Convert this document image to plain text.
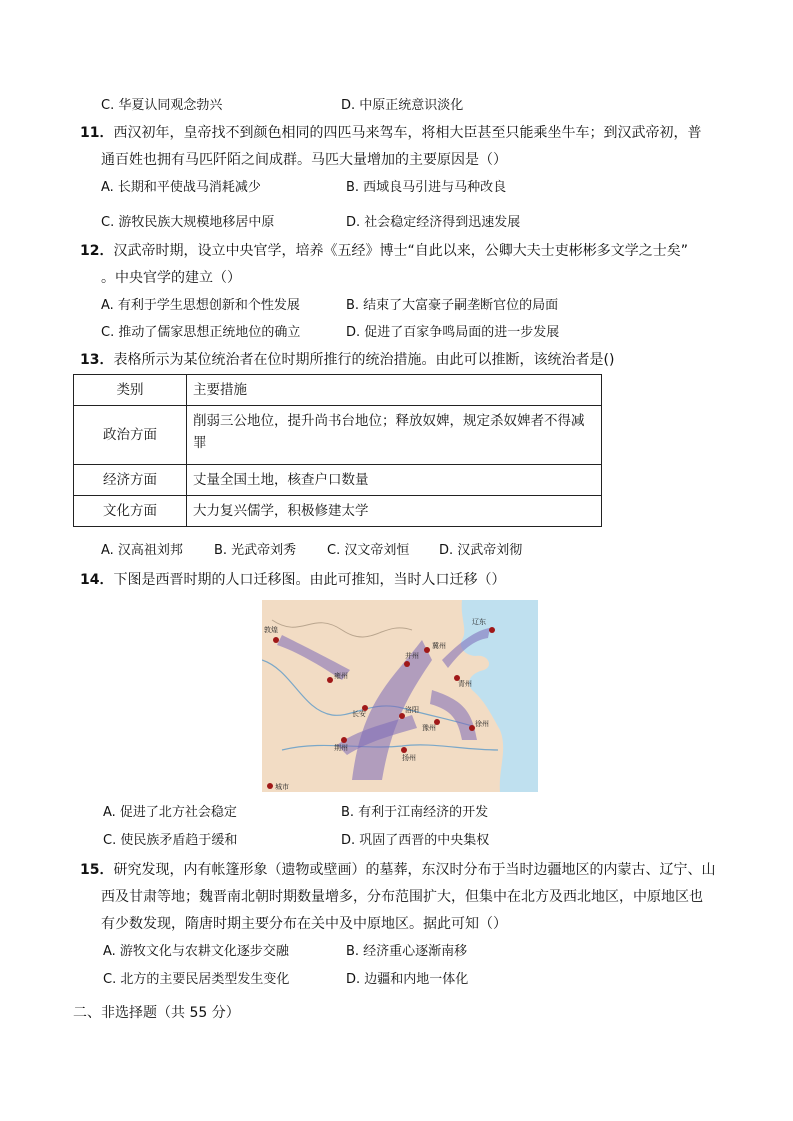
C. 华夏认同观念勃兴	D. 中原正统意识淡化
11．西汉初年，皇帝找不到颜色相同的四匹马来驾车，将相大臣甚至只能乘坐牛车；到汉武帝初，普
通百姓也拥有马匹阡陌之间成群。马匹大量增加的主要原因是（）
A. 长期和平使战马消耗减少	B. 西域良马引进与马种改良
C. 游牧民族大规模地移居中原	D. 社会稳定经济得到迅速发展
12．汉武帝时期，设立中央官学，培养《五经》博士“自此以来，公卿大夫士吏彬彬多文学之士矣”
。中央官学的建立（）
A. 有利于学生思想创新和个性发展	B. 结束了大富豪子嗣垄断官位的局面
C. 推动了儒家思想正统地位的确立	D. 促进了百家争鸣局面的进一步发展
13．表格所示为某位统治者在位时期所推行的统治措施。由此可以推断，该统治者是()
类别	主要措施
政治方面	削弱三公地位，提升尚书台地位；释放奴婢，规定杀奴婢者不得减罪
经济方面	丈量全国土地，核查户口数量
文化方面	大力复兴儒学，积极修建太学
A. 汉高祖刘邦 B. 光武帝刘秀 C. 汉文帝刘恒 D. 汉武帝刘彻
14．下图是西晋时期的人口迁移图。由此可推知，当时人口迁移（）
辽东
冀州
并州
雍州
长安	洛阳
青州
豫州
荆州
扬州
徐州
城市
敦煌
A. 促进了北方社会稳定	B. 有利于江南经济的开发
C. 使民族矛盾趋于缓和	D. 巩固了西晋的中央集权
15．研究发现，内有帐篷形象（遗物或壁画）的墓葬，东汉时分布于当时边疆地区的内蒙古、辽宁、山
西及甘肃等地；魏晋南北朝时期数量增多，分布范围扩大，但集中在北方及西北地区，中原地区也
有少数发现，隋唐时期主要分布在关中及中原地区。据此可知（）
A. 游牧文化与农耕文化逐步交融	B. 经济重心逐渐南移
C. 北方的主要民居类型发生变化	D. 边疆和内地一体化
二、非选择题（共 55 分）
